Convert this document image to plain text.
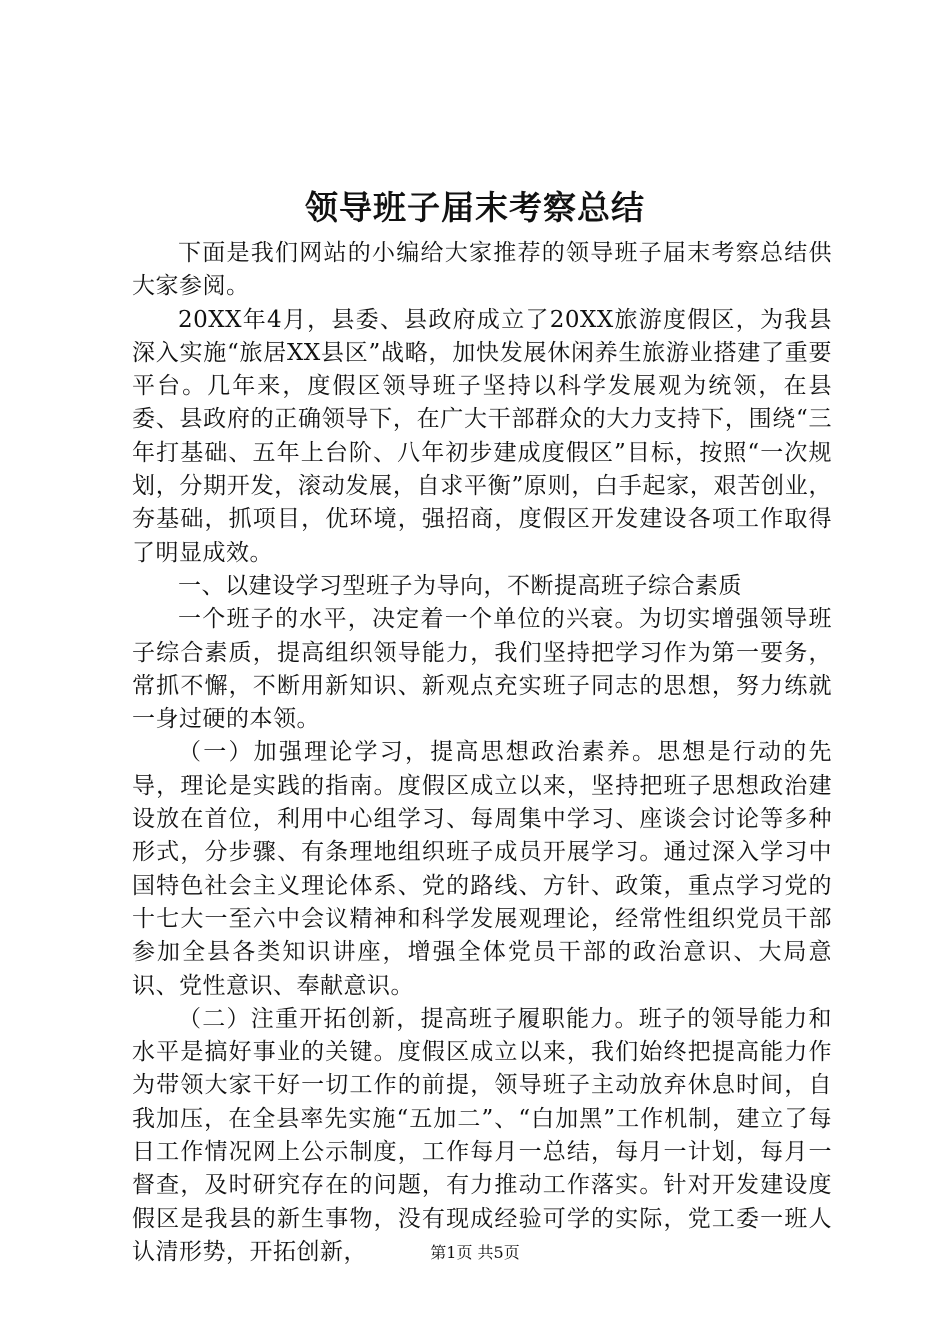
领导班子届末考察总结

下面是我们网站的小编给大家推荐的领导班子届末考察总结供大家参阅。

20XX年4月，县委、县政府成立了20XX旅游度假区，为我县深入实施“旅居XX县区”战略，加快发展休闲养生旅游业搭建了重要平台。几年来，度假区领导班子坚持以科学发展观为统领，在县委、县政府的正确领导下，在广大干部群众的大力支持下，围绕“三年打基础、五年上台阶、八年初步建成度假区”目标，按照“一次规划，分期开发，滚动发展，自求平衡”原则，白手起家，艰苦创业，夯基础，抓项目，优环境，强招商，度假区开发建设各项工作取得了明显成效。

一、以建设学习型班子为导向，不断提高班子综合素质

一个班子的水平，决定着一个单位的兴衰。为切实增强领导班子综合素质，提高组织领导能力，我们坚持把学习作为第一要务，常抓不懈，不断用新知识、新观点充实班子同志的思想，努力练就一身过硬的本领。

（一）加强理论学习，提高思想政治素养。思想是行动的先导，理论是实践的指南。度假区成立以来，坚持把班子思想政治建设放在首位，利用中心组学习、每周集中学习、座谈会讨论等多种形式，分步骤、有条理地组织班子成员开展学习。通过深入学习中国特色社会主义理论体系、党的路线、方针、政策，重点学习党的十七大一至六中会议精神和科学发展观理论，经常性组织党员干部参加全县各类知识讲座，增强全体党员干部的政治意识、大局意识、党性意识、奉献意识。

（二）注重开拓创新，提高班子履职能力。班子的领导能力和水平是搞好事业的关键。度假区成立以来，我们始终把提高能力作为带领大家干好一切工作的前提，领导班子主动放弃休息时间，自我加压，在全县率先实施“五加二”、“白加黑”工作机制，建立了每日工作情况网上公示制度，工作每月一总结，每月一计划，每月一督查，及时研究存在的问题，有力推动工作落实。针对开发建设度假区是我县的新生事物，没有现成经验可学的实际，党工委一班人认清形势，开拓创新，	第1页 共5页
